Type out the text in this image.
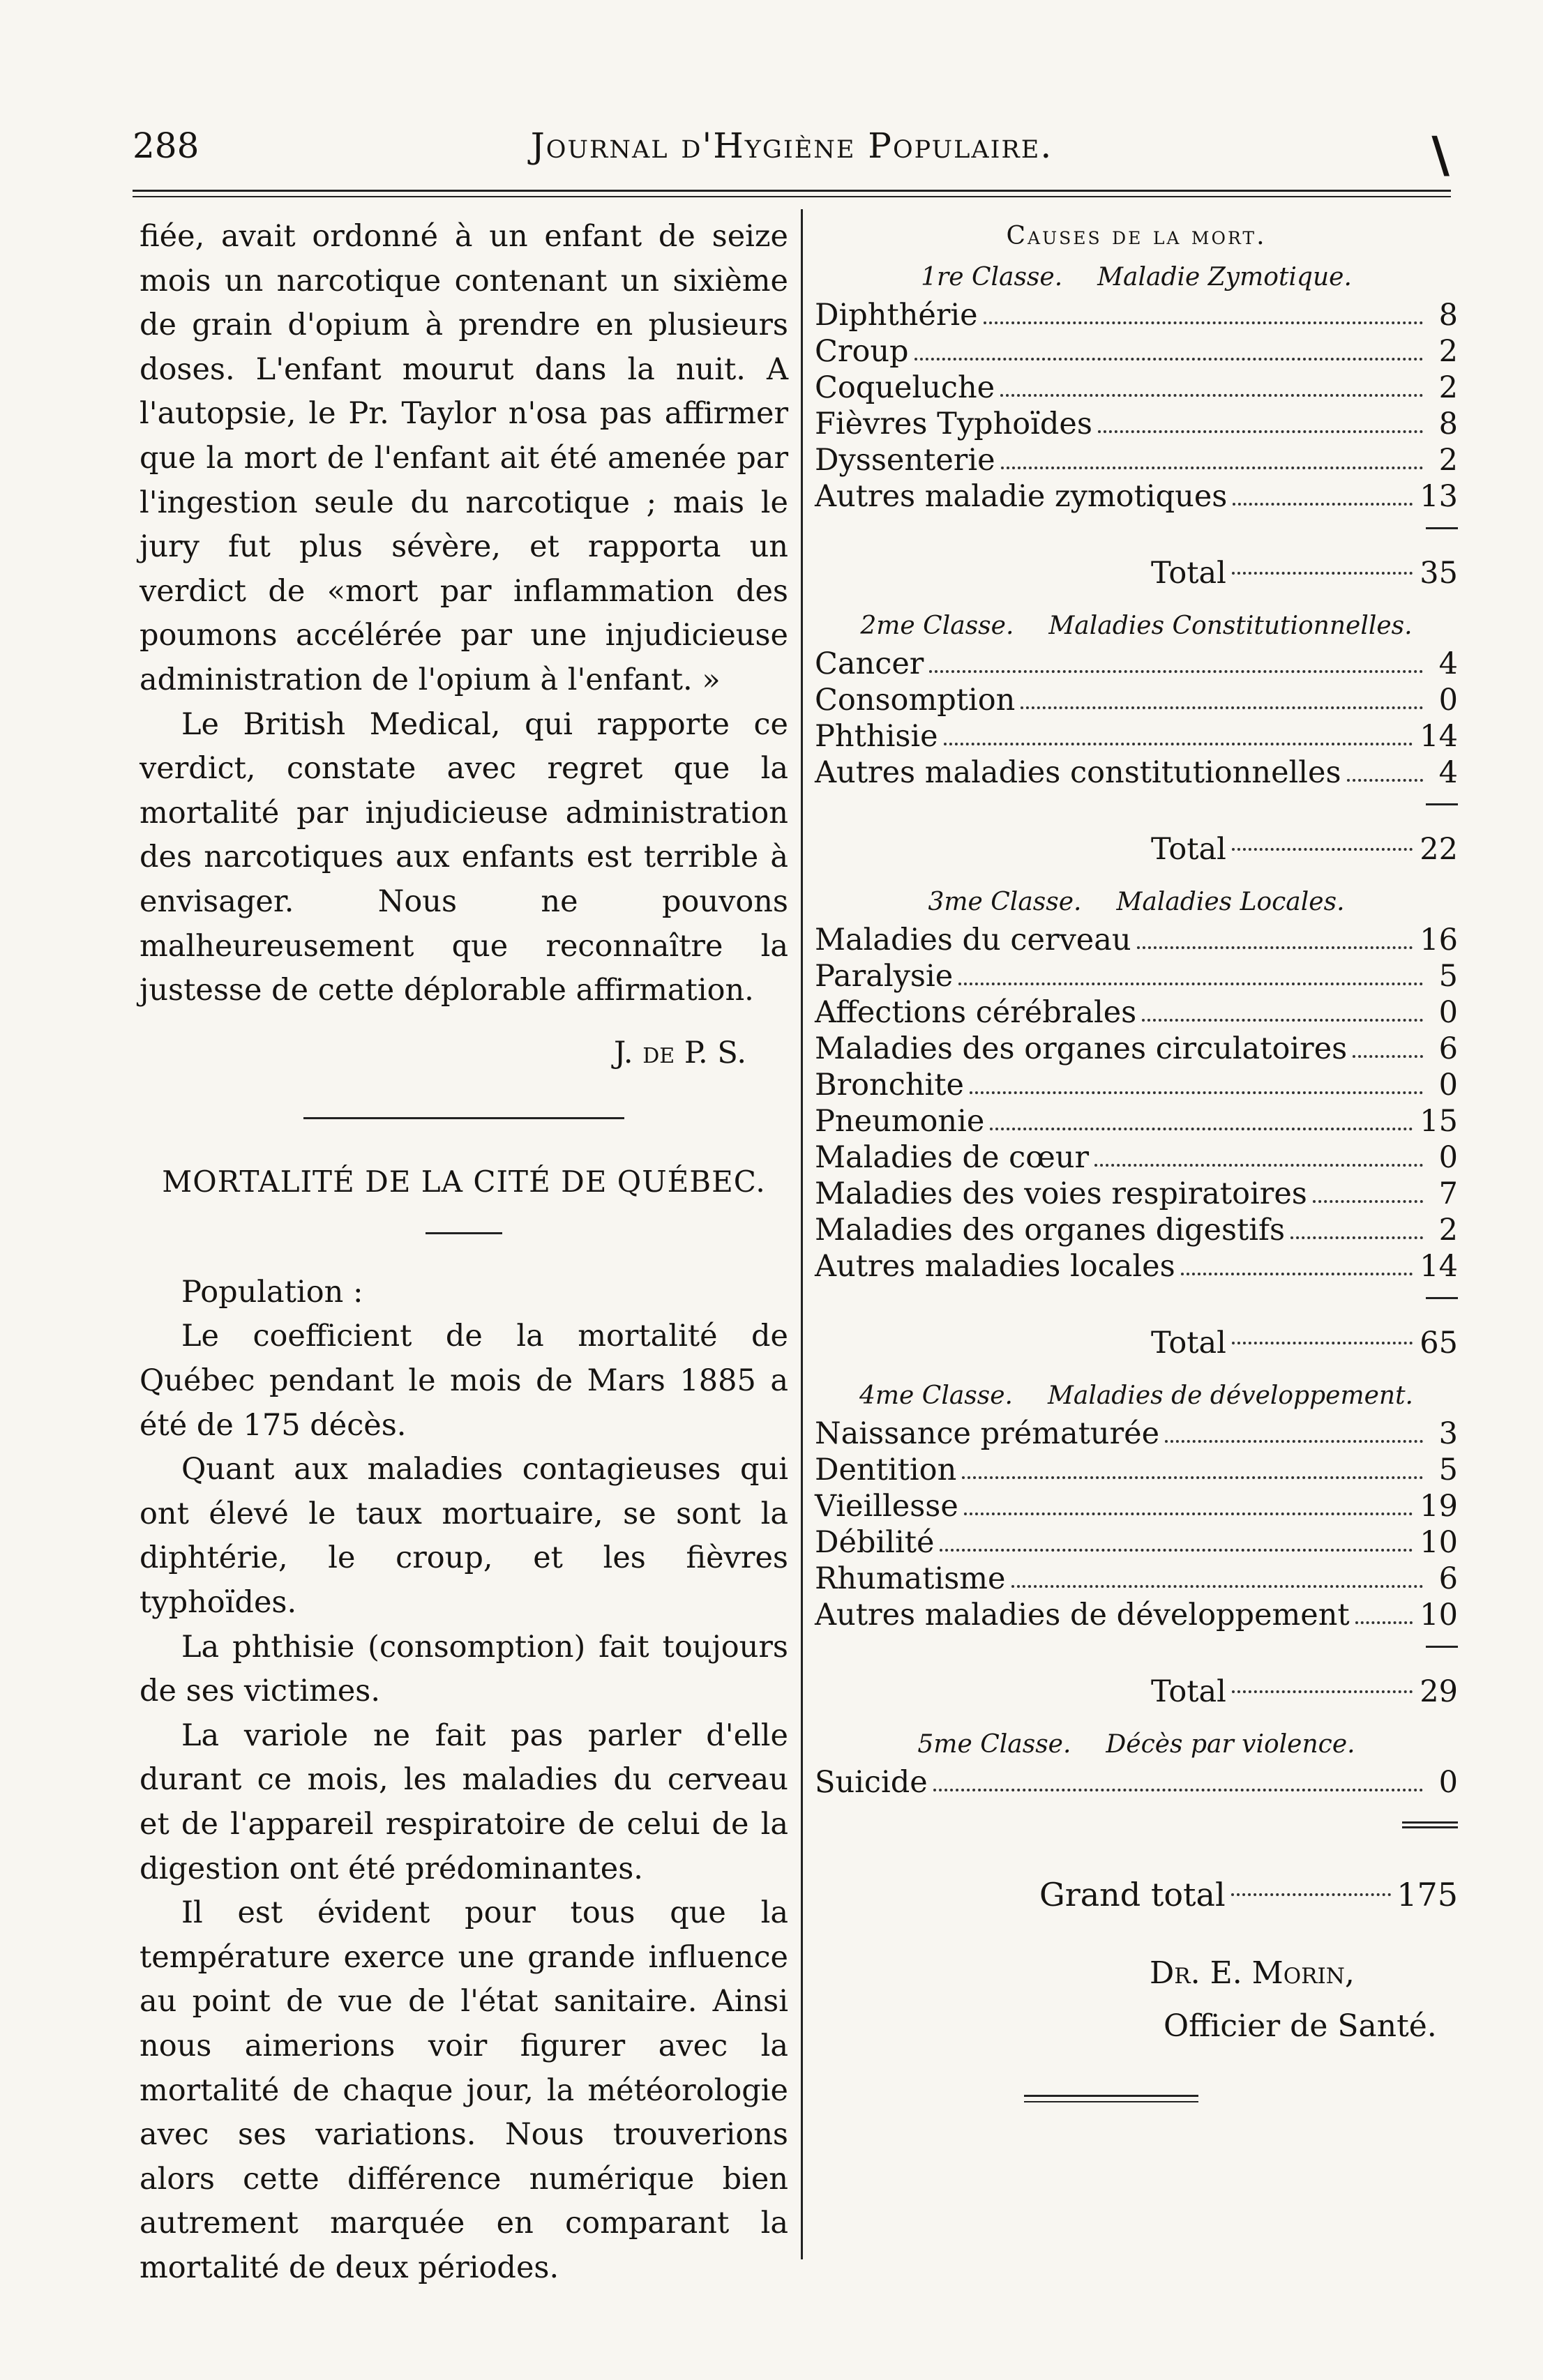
288	Journal d'Hygiène Populaire.	\

fiée, avait ordonné à un enfant de seize mois un narcotique contenant un sixième de grain d'opium à prendre en plusieurs doses. L'enfant mourut dans la nuit. A l'autopsie, le Pr. Taylor n'osa pas affirmer que la mort de l'enfant ait été amenée par l'ingestion seule du narcotique ; mais le jury fut plus sévère, et rapporta un verdict de «mort par inflammation des poumons accélérée par une injudicieuse administration de l'opium à l'enfant. »

Le British Medical, qui rapporte ce verdict, constate avec regret que la mortalité par injudicieuse administration des narcotiques aux enfants est terrible à envisager. Nous ne pouvons malheureusement que reconnaître la justesse de cette déplorable affirmation.

J. de P. S.

MORTALITÉ DE LA CITÉ DE QUÉBEC.

Population :

Le coefficient de la mortalité de Québec pendant le mois de Mars 1885 a été de 175 décès.

Quant aux maladies contagieuses qui ont élevé le taux mortuaire, se sont la diphtérie, le croup, et les fièvres typhoïdes.

La phthisie (consomption) fait toujours de ses victimes.

La variole ne fait pas parler d'elle durant ce mois, les maladies du cerveau et de l'appareil respiratoire de celui de la digestion ont été prédominantes.

Il est évident pour tous que la température exerce une grande influence au point de vue de l'état sanitaire. Ainsi nous aimerions voir figurer avec la mortalité de chaque jour, la météorologie avec ses variations. Nous trouverions alors cette différence numérique bien autrement marquée en comparant la mortalité de deux périodes.

Causes de la mort.
1re Classe. Maladie Zymotique.
Diphthérie	8
Croup	2
Coqueluche	2
Fièvres Typhoïdes	8
Dyssenterie	2
Autres maladie zymotiques	13
Total	35
2me Classe. Maladies Constitutionnelles.
Cancer	4
Consomption	0
Phthisie	14
Autres maladies constitutionnelles	4
Total	22
3me Classe. Maladies Locales.
Maladies du cerveau	16
Paralysie	5
Affections cérébrales	0
Maladies des organes circulatoires	6
Bronchite	0
Pneumonie	15
Maladies de cœur	0
Maladies des voies respiratoires	7
Maladies des organes digestifs	2
Autres maladies locales	14
Total	65
4me Classe. Maladies de développement.
Naissance prématurée	3
Dentition	5
Vieillesse	19
Débilité	10
Rhumatisme	6
Autres maladies de développement 10
Total	29
5me Classe. Décès par violence.
Suicide	0
Grand total	175
Dr. E. Morin,
Officier de Santé.
